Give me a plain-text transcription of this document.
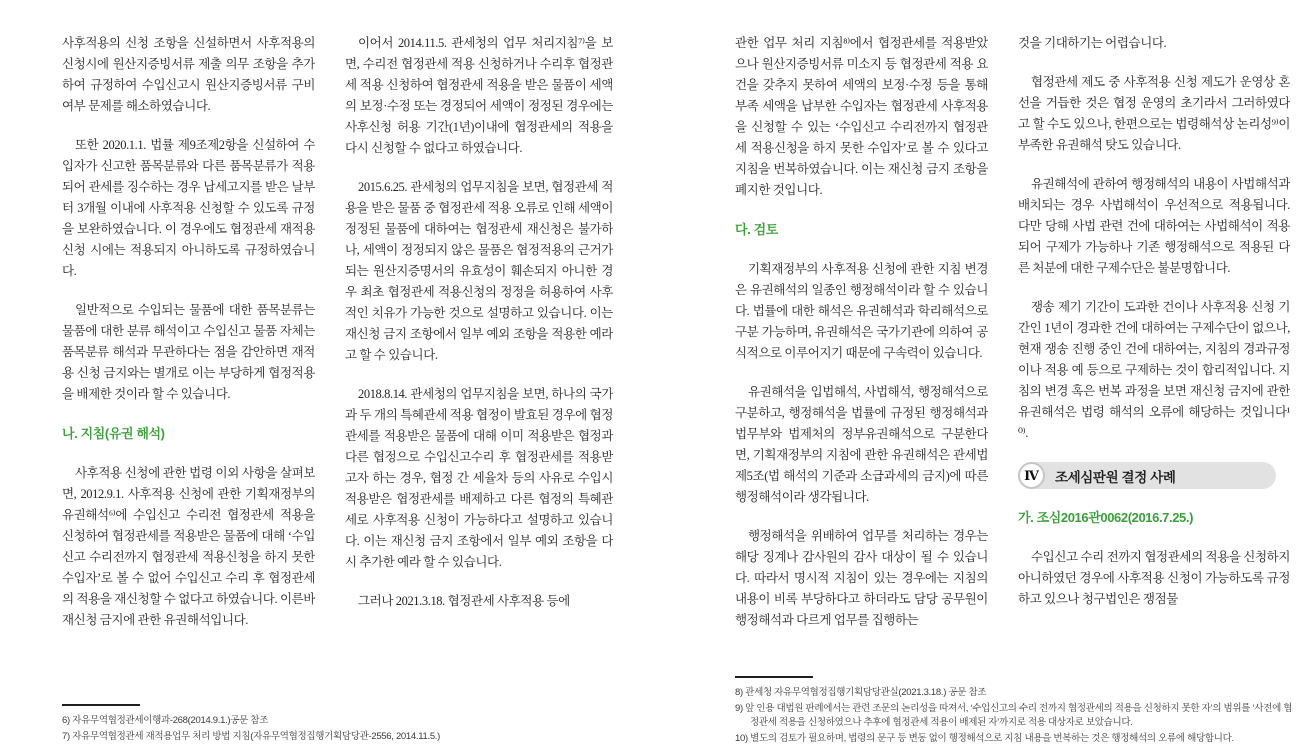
사후적용의 신청 조항을 신설하면서 사후적용의 신청시에 원산지증빙서류 제출 의무 조항을 추가하여 규정하여 수입신고시 원산지증빙서류 구비 여부 문제를 해소하였습니다.

또한 2020.1.1. 법률 제9조제2항을 신설하여 수입자가 신고한 품목분류와 다른 품목분류가 적용되어 관세를 징수하는 경우 납세고지를 받은 날부터 3개월 이내에 사후적용 신청할 수 있도록 규정을 보완하였습니다. 이 경우에도 협정관세 재적용 신청 시에는 적용되지 아니하도록 규정하였습니다.

일반적으로 수입되는 물품에 대한 품목분류는 물품에 대한 분류 해석이고 수입신고 물품 자체는 품목분류 해석과 무관하다는 점을 감안하면 재적용 신청 금지와는 별개로 이는 부당하게 협정적용을 배제한 것이라 할 수 있습니다.

나. 지침(유권 해석)

사후적용 신청에 관한 법령 이외 사항을 살펴보면, 2012.9.1. 사후적용 신청에 관한 기획재정부의 유권해석⁶⁾에 수입신고 수리전 협정관세 적용을 신청하여 협정관세를 적용받은 물품에 대해 ‘수입신고 수리전까지 협정관세 적용신청을 하지 못한 수입자’로 볼 수 없어 수입신고 수리 후 협정관세의 적용을 재신청할 수 없다고 하였습니다. 이른바 재신청 금지에 관한 유권해석입니다.

이어서 2014.11.5. 관세청의 업무 처리지침⁷⁾을 보면, 수리전 협정관세 적용 신청하거나 수리후 협정관세 적용 신청하여 협정관세 적용을 받은 물품이 세액의 보정·수정 또는 경정되어 세액이 정정된 경우에는 사후신청 허용 기간(1년)이내에 협정관세의 적용을 다시 신청할 수 없다고 하였습니다.

2015.6.25. 관세청의 업무지침을 보면, 협정관세 적용을 받은 물품 중 협정관세 적용 오류로 인해 세액이 정정된 물품에 대하여는 협정관세 재신청은 불가하나, 세액이 정정되지 않은 물품은 협정적용의 근거가 되는 원산지증명서의 유효성이 훼손되지 아니한 경우 최초 협정관세 적용신청의 정정을 허용하여 사후적인 치유가 가능한 것으로 설명하고 있습니다. 이는 재신청 금지 조항에서 일부 예외 조항을 적용한 예라고 할 수 있습니다.

2018.8.14. 관세청의 업무지침을 보면, 하나의 국가과 두 개의 특혜관세 적용 협정이 발효된 경우에 협정관세를 적용받은 물품에 대해 이미 적용받은 협정과 다른 협정으로 수입신고수리 후 협정관세를 적용받고자 하는 경우, 협정 간 세율차 등의 사유로 수입시 적용받은 협정관세를 배제하고 다른 협정의 특혜관세로 사후적용 신청이 가능하다고 설명하고 있습니다. 이는 재신청 금지 조항에서 일부 예외 조항을 다시 추가한 예라 할 수 있습니다.

그러나 2021.3.18. 협정관세 사후적용 등에

관한 업무 처리 지침⁸⁾에서 협정관세를 적용받았으나 원산지증빙서류 미소지 등 협정관세 적용 요건을 갖추지 못하여 세액의 보정·수정 등을 통해 부족 세액을 납부한 수입자는 협정관세 사후적용을 신청할 수 있는 ‘수입신고 수리전까지 협정관세 적용신청을 하지 못한 수입자’로 볼 수 있다고 지침을 번복하였습니다. 이는 재신청 금지 조항을 폐지한 것입니다.

다. 검토

기획재정부의 사후적용 신청에 관한 지침 변경은 유권해석의 일종인 행정해석이라 할 수 있습니다. 법률에 대한 해석은 유권해석과 학리해석으로 구분 가능하며, 유권해석은 국가기관에 의하여 공식적으로 이루어지기 때문에 구속력이 있습니다.

유권해석을 입법해석, 사법해석, 행정해석으로 구분하고, 행정해석을 법률에 규정된 행정해석과 법무부와 법제처의 정부유권해석으로 구분한다면, 기획재정부의 지침에 관한 유권해석은 관세법 제5조(법 해석의 기준과 소급과세의 금지)에 따른 행정해석이라 생각됩니다.

행정해석을 위배하여 업무를 처리하는 경우는 해당 징계나 감사원의 감사 대상이 될 수 있습니다. 따라서 명시적 지침이 있는 경우에는 지침의 내용이 비록 부당하다고 하더라도 담당 공무원이 행정해석과 다르게 업무를 집행하는

것을 기대하기는 어렵습니다.

협정관세 제도 중 사후적용 신청 제도가 운영상 혼선을 거듭한 것은 협정 운영의 초기라서 그러하였다고 할 수도 있으나, 한편으로는 법령해석상 논리성⁹⁾이 부족한 유권해석 탓도 있습니다.

유권해석에 관하여 행정해석의 내용이 사법해석과 배치되는 경우 사법해석이 우선적으로 적용됩니다. 다만 당해 사법 관련 건에 대하여는 사법해석이 적용되어 구제가 가능하나 기존 행정해석으로 적용된 다른 처분에 대한 구제수단은 불분명합니다.

쟁송 제기 기간이 도과한 건이나 사후적용 신청 기간인 1년이 경과한 건에 대하여는 구제수단이 없으나, 현재 쟁송 진행 중인 건에 대하여는, 지침의 경과규정이나 적용 예 등으로 구제하는 것이 합리적입니다. 지침의 변경 혹은 번복 과정을 보면 재신청 금지에 관한 유권해석은 법령 해석의 오류에 해당하는 것입니다¹⁰⁾.

Ⅳ	조세심판원 결정 사례
가. 조심2016관0062(2016.7.25.)

수입신고 수리 전까지 협정관세의 적용을 신청하지 아니하였던 경우에 사후적용 신청이 가능하도록 규정하고 있으나 청구법인은 쟁점물

6) 자유무역협정관세이행과-268(2014.9.1.)공문 참조

7) 자유무역협정관세 재적용업무 처리 방법 지침(자유무역협정집행기획담당관-2556, 2014.11.5.)

8) 관세청 자유무역협정집행기획담당관실(2021.3.18.) 공문 참조

9) 앞 인용 대법원 판례에서는 관련 조문의 논리성을 따져서, ‘수입신고의 수리 전까지 협정관세의 적용을 신청하지 못한 자’의 범위를 ‘사전에 협정관세 적용을 신청하였으나 추후에 협정관세 적용이 배제된 자’까지로 적용 대상자로 보았습니다.

10) 별도의 검토가 필요하며, 법령의 문구 등 변동 없이 행정해석으로 지침 내용을 번복하는 것은 행정해석의 오류에 해당합니다.
